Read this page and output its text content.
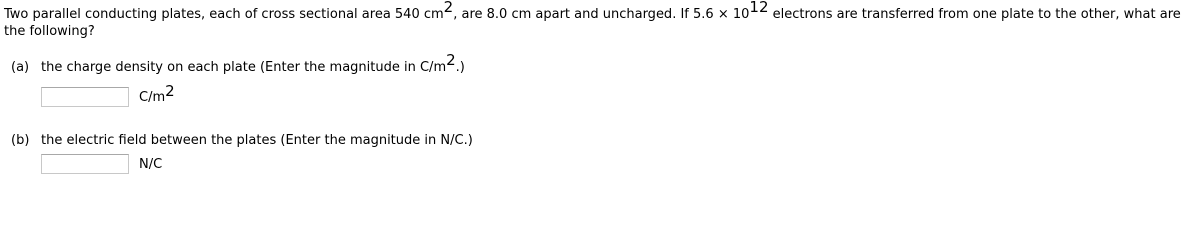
Two parallel conducting plates, each of cross sectional area 540 $cm^2$, are 8.0 cm apart and uncharged. If $5.6 \times 10^{12}$ electrons are transferred from one plate to the other, what are the following?
(a) the charge density on each plate (Enter the magnitude in $C/m^2$.)
$C/m^2$
(b) the electric field between the plates (Enter the magnitude in N/C.)
N/C
